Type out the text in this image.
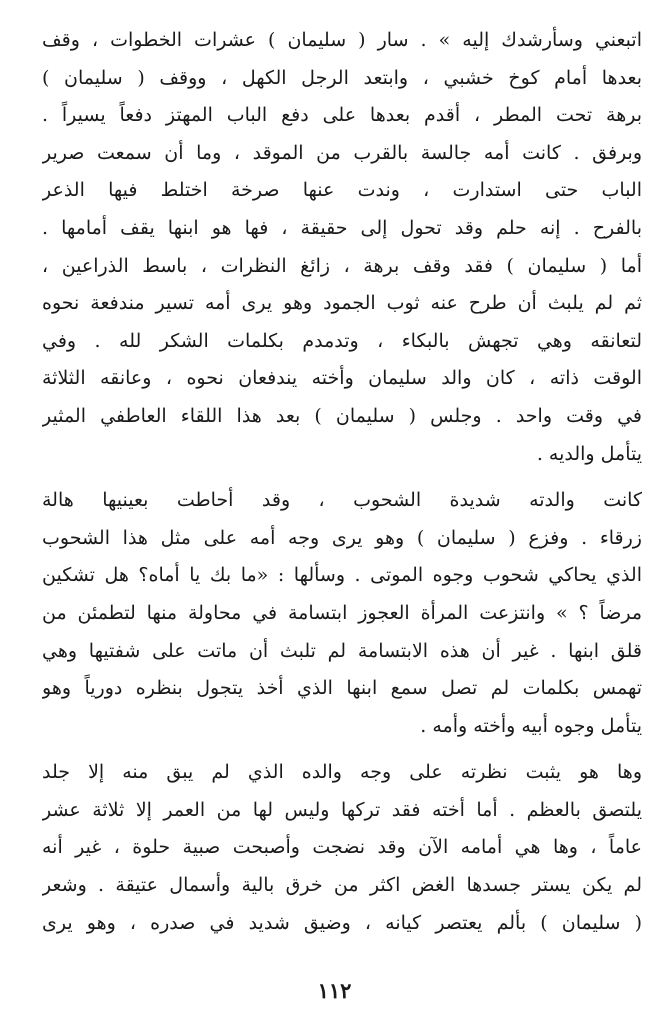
اتبعني وسأرشدك إليه » . سار ( سليمان ) عشرات الخطوات ، وقف
بعدها أمام كوخ خشبي ، وابتعد الرجل الكهل ، ووقف ( سليمان )
برهة تحت المطر ، أقدم بعدها على دفع الباب المهتز دفعاً يسيراً .
وبرفق . كانت أمه جالسة بالقرب من الموقد ، وما أن سمعت صرير
الباب حتى استدارت ، وندت عنها صرخة اختلط فيها الذعر
بالفرح . إنه حلم وقد تحول إلى حقيقة ، فها هو ابنها يقف أمامها .
أما ( سليمان ) فقد وقف برهة ، زائغ النظرات ، باسط الذراعين ،
ثم لم يلبث أن طرح عنه ثوب الجمود وهو يرى أمه تسير مندفعة نحوه
لتعانقه وهي تجهش بالبكاء ، وتدمدم بكلمات الشكر لله . وفي
الوقت ذاته ، كان والد سليمان وأخته يندفعان نحوه ، وعانقه الثلاثة
في وقت واحد . وجلس ( سليمان ) بعد هذا اللقاء العاطفي المثير
يتأمل والديه .
كانت والدته شديدة الشحوب ، وقد أحاطت بعينيها هالة
زرقاء . وفزع ( سليمان ) وهو يرى وجه أمه على مثل هذا الشحوب
الذي يحاكي شحوب وجوه الموتى . وسألها : «ما بك يا أماه؟ هل تشكين
مرضاً ؟ » وانتزعت المرأة العجوز ابتسامة في محاولة منها لتطمئن من
قلق ابنها . غير أن هذه الابتسامة لم تلبث أن ماتت على شفتيها وهي
تهمس بكلمات لم تصل سمع ابنها الذي أخذ يتجول بنظره دورياً وهو
يتأمل وجوه أبيه وأخته وأمه .
وها هو يثبت نظرته على وجه والده الذي لم يبق منه إلا جلد
يلتصق بالعظم . أما أخته فقد تركها وليس لها من العمر إلا ثلاثة عشر
عاماً ، وها هي أمامه الآن وقد نضجت وأصبحت صبية حلوة ، غير أنه
لم يكن يستر جسدها الغض اكثر من خرق بالية وأسمال عتيقة . وشعر
( سليمان ) بألم يعتصر كيانه ، وضيق شديد في صدره ، وهو يرى
١١٢
